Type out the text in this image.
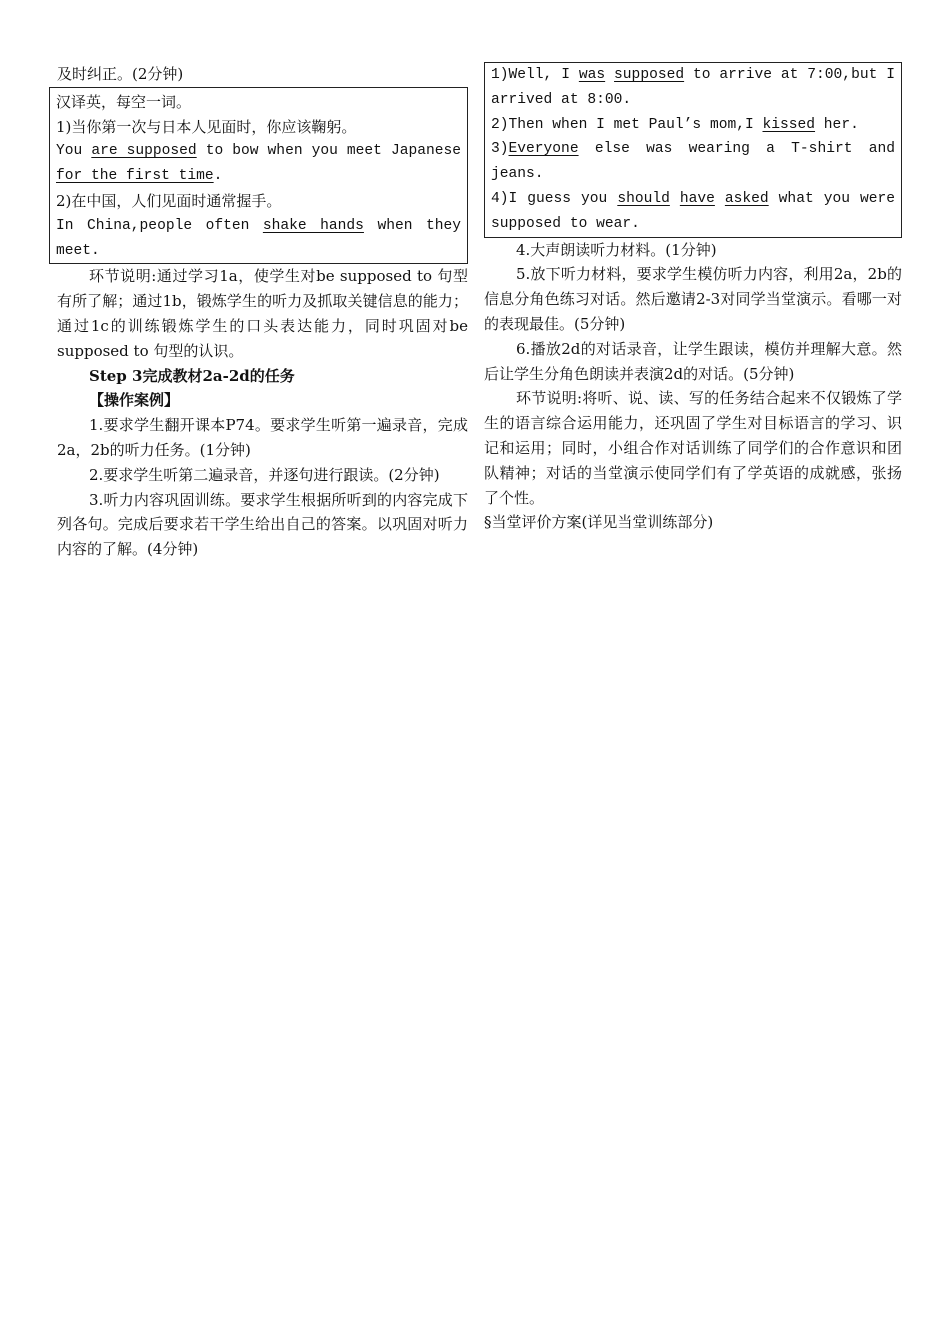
及时纠正。(2分钟)

汉译英，每空一词。

1)当你第一次与日本人见面时，你应该鞠躬。

You are supposed to bow when you meet Japanese for the first time.

2)在中国，人们见面时通常握手。

In China,people often shake hands when they meet.

环节说明:通过学习1a，使学生对be supposed to 句型有所了解；通过1b，锻炼学生的听力及抓取关键信息的能力；通过1c的训练锻炼学生的口头表达能力，同时巩固对be supposed to 句型的认识。

Step 3完成教材2a-2d的任务

【操作案例】

1.要求学生翻开课本P74。要求学生听第一遍录音，完成2a，2b的听力任务。(1分钟)

2.要求学生听第二遍录音，并逐句进行跟读。(2分钟)

3.听力内容巩固训练。要求学生根据所听到的内容完成下列各句。完成后要求若干学生给出自己的答案。以巩固对听力内容的了解。(4分钟)

1)Well, I was supposed to arrive at 7:00,but I arrived at 8:00.

2)Then when I met Paul’s mom,I kissed her.

3)Everyone else was wearing a T-shirt and jeans.

4)I guess you should have asked what you were supposed to wear.

4.大声朗读听力材料。(1分钟)

5.放下听力材料，要求学生模仿听力内容，利用2a，2b的信息分角色练习对话。然后邀请2-3对同学当堂演示。看哪一对的表现最佳。(5分钟)

6.播放2d的对话录音，让学生跟读，模仿并理解大意。然后让学生分角色朗读并表演2d的对话。(5分钟)

环节说明:将听、说、读、写的任务结合起来不仅锻炼了学生的语言综合运用能力，还巩固了学生对目标语言的学习、识记和运用；同时，小组合作对话训练了同学们的合作意识和团队精神；对话的当堂演示使同学们有了学英语的成就感，张扬了个性。

§当堂评价方案(详见当堂训练部分)
